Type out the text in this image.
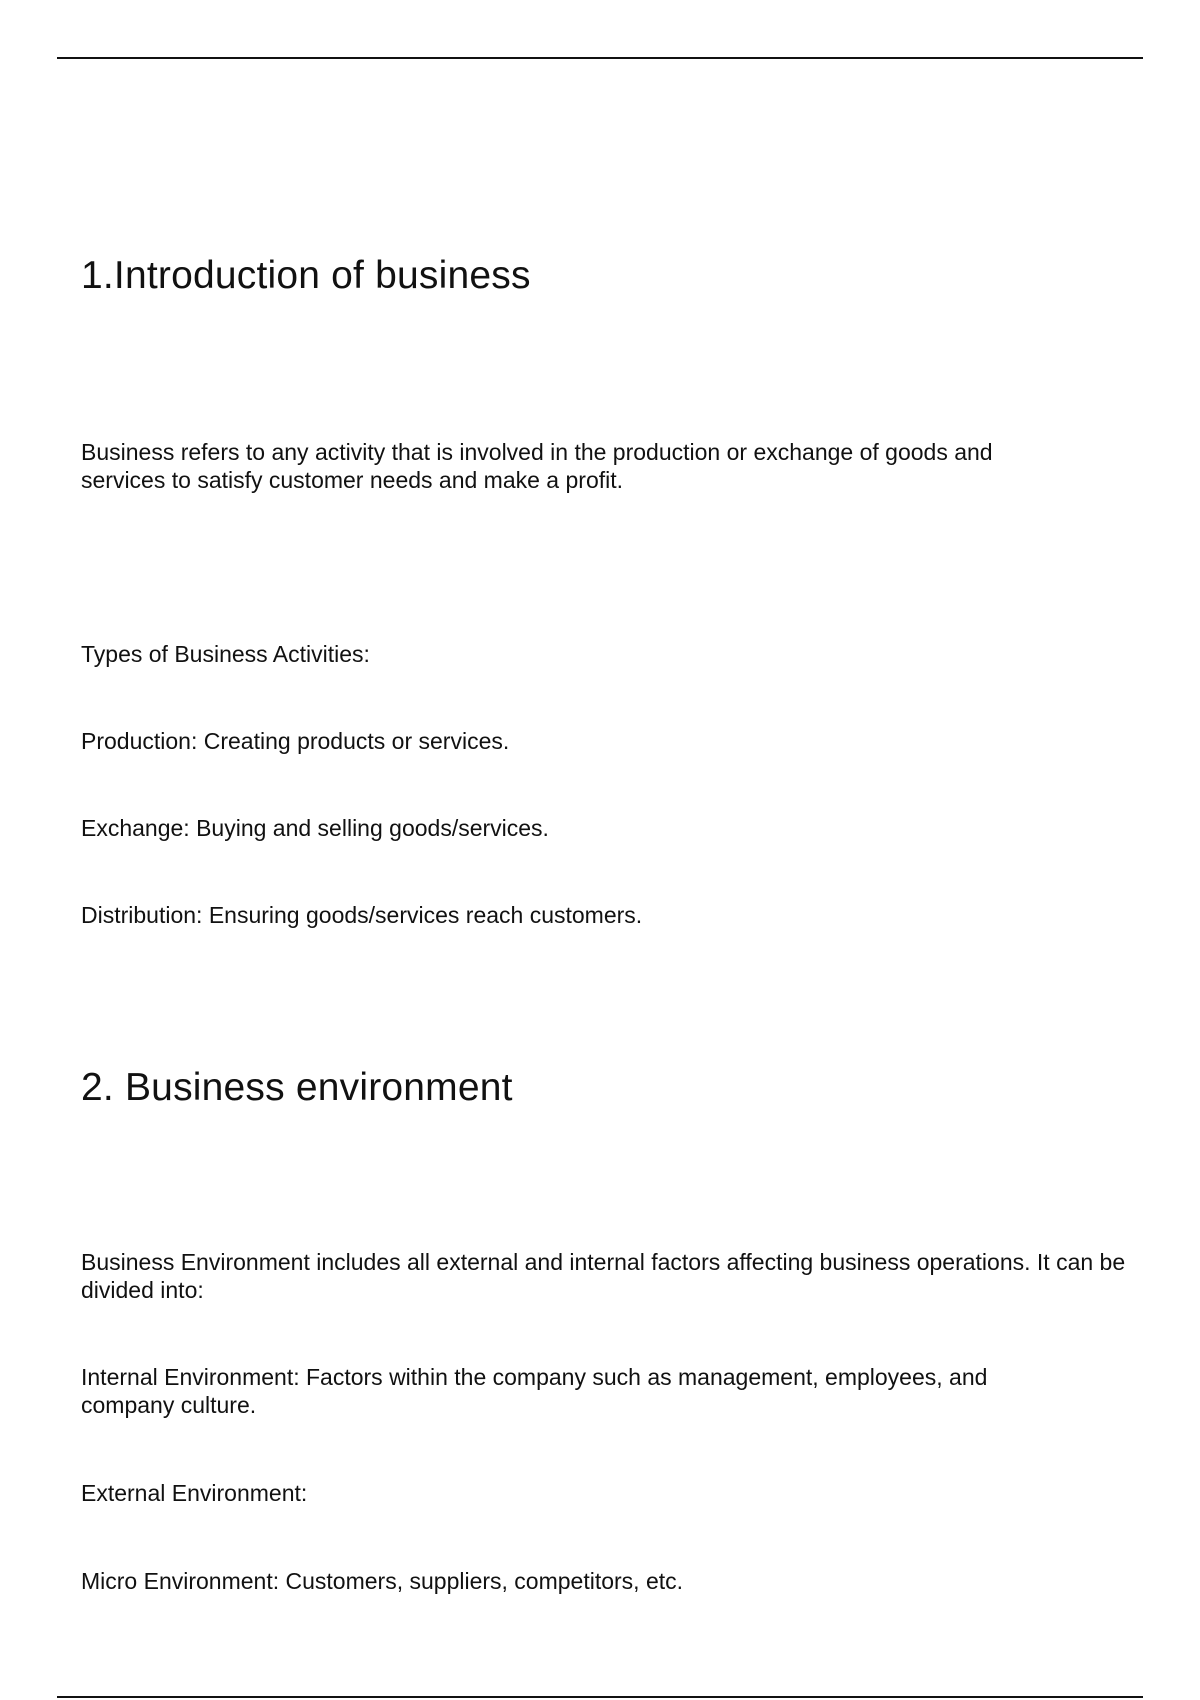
1.Introduction of business

Business refers to any activity that is involved in the production or exchange of goods and services to satisfy customer needs and make a profit.

Types of Business Activities:

Production: Creating products or services.

Exchange: Buying and selling goods/services.

Distribution: Ensuring goods/services reach customers.

2. Business environment

Business Environment includes all external and internal factors affecting business operations. It can be divided into:

Internal Environment: Factors within the company such as management, employees, and company culture.

External Environment:

Micro Environment: Customers, suppliers, competitors, etc.
